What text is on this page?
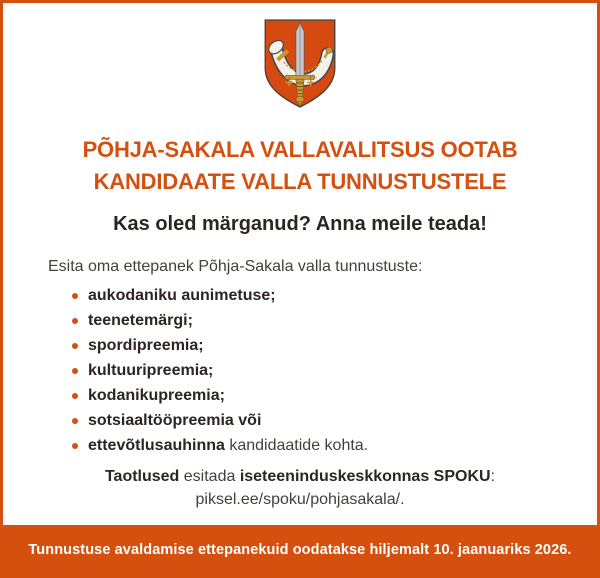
PÕHJA-SAKALA VALLAVALITSUS OOTAB
KANDIDAATE VALLA TUNNUSTUSTELE
Kas oled märganud? Anna meile teada!

Esita oma ettepanek Põhja-Sakala valla tunnustuste:

aukodaniku aunimetuse;
teenetemärgi;
spordipreemia;
kultuuripreemia;
kodanikupreemia;
sotsiaaltööpreemia või
ettevõtlusauhinna kandidaatide kohta.

Taotlused esitada iseteeninduskeskkonnas SPOKU:

piksel.ee/spoku/pohjasakala/.

Tunnustuse avaldamise ettepanekuid oodatakse hiljemalt 10. jaanuariks 2026.
